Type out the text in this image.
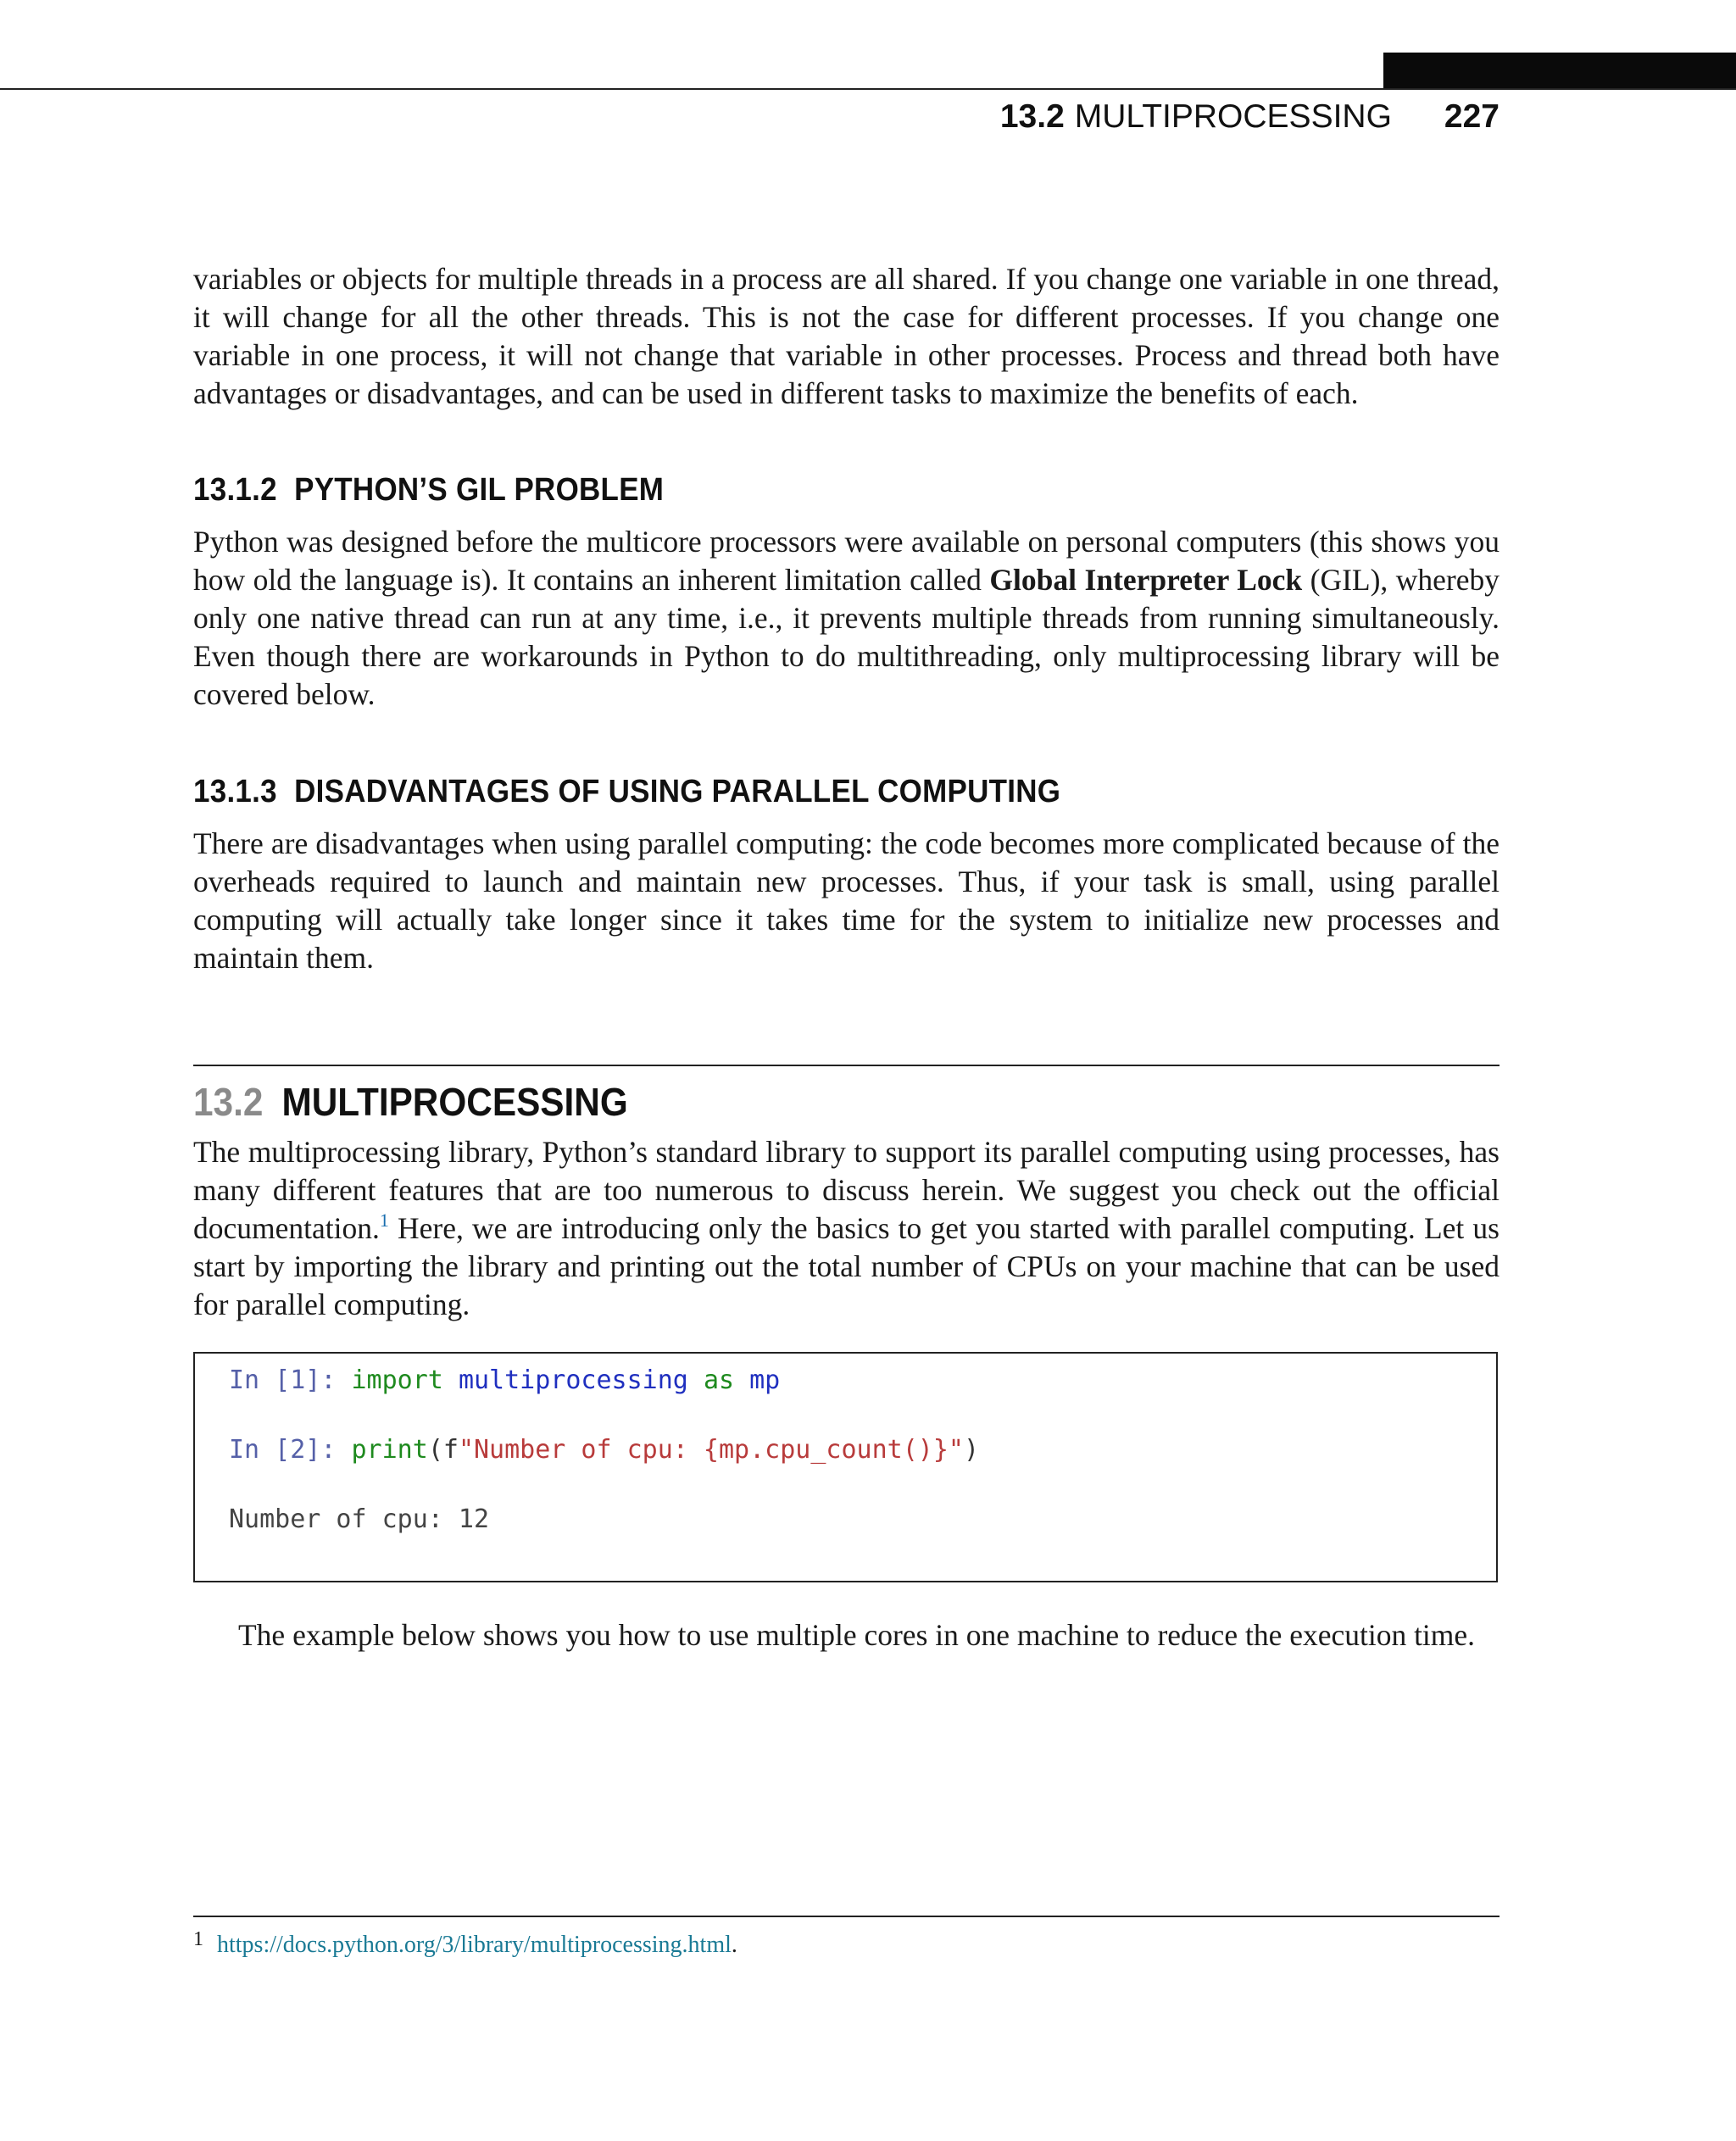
13.2 MULTIPROCESSING 227

variables or objects for multiple threads in a process are all shared. If you change one variable in one thread, it will change for all the other threads. This is not the case for different processes. If you change one variable in one process, it will not change that variable in other processes. Process and thread both have advantages or disadvantages, and can be used in different tasks to maximize the benefits of each.

13.1.2 PYTHON’S GIL PROBLEM

Python was designed before the multicore processors were available on personal computers (this shows you how old the language is). It contains an inherent limitation called Global Interpreter Lock (GIL), whereby only one native thread can run at any time, i.e., it prevents multiple threads from running simultaneously. Even though there are workarounds in Python to do multithreading, only multiprocessing library will be covered below.

13.1.3 DISADVANTAGES OF USING PARALLEL COMPUTING

There are disadvantages when using parallel computing: the code becomes more complicated because of the overheads required to launch and maintain new processes. Thus, if your task is small, using parallel computing will actually take longer since it takes time for the system to initialize new processes and maintain them.

13.2 MULTIPROCESSING

The multiprocessing library, Python’s standard library to support its parallel computing using processes, has many different features that are too numerous to discuss herein. We suggest you check out the official documentation.$^1$ Here, we are introducing only the basics to get you started with parallel computing. Let us start by importing the library and printing out the total number of CPUs on your machine that can be used for parallel computing.

In [1]: import multiprocessing as mp
In [2]: print(f"Number of cpu: {mp.cpu_count()}")
Number of cpu: 12

The example below shows you how to use multiple cores in one machine to reduce the execution time.

1 https://docs.python.org/3/library/multiprocessing.html.
